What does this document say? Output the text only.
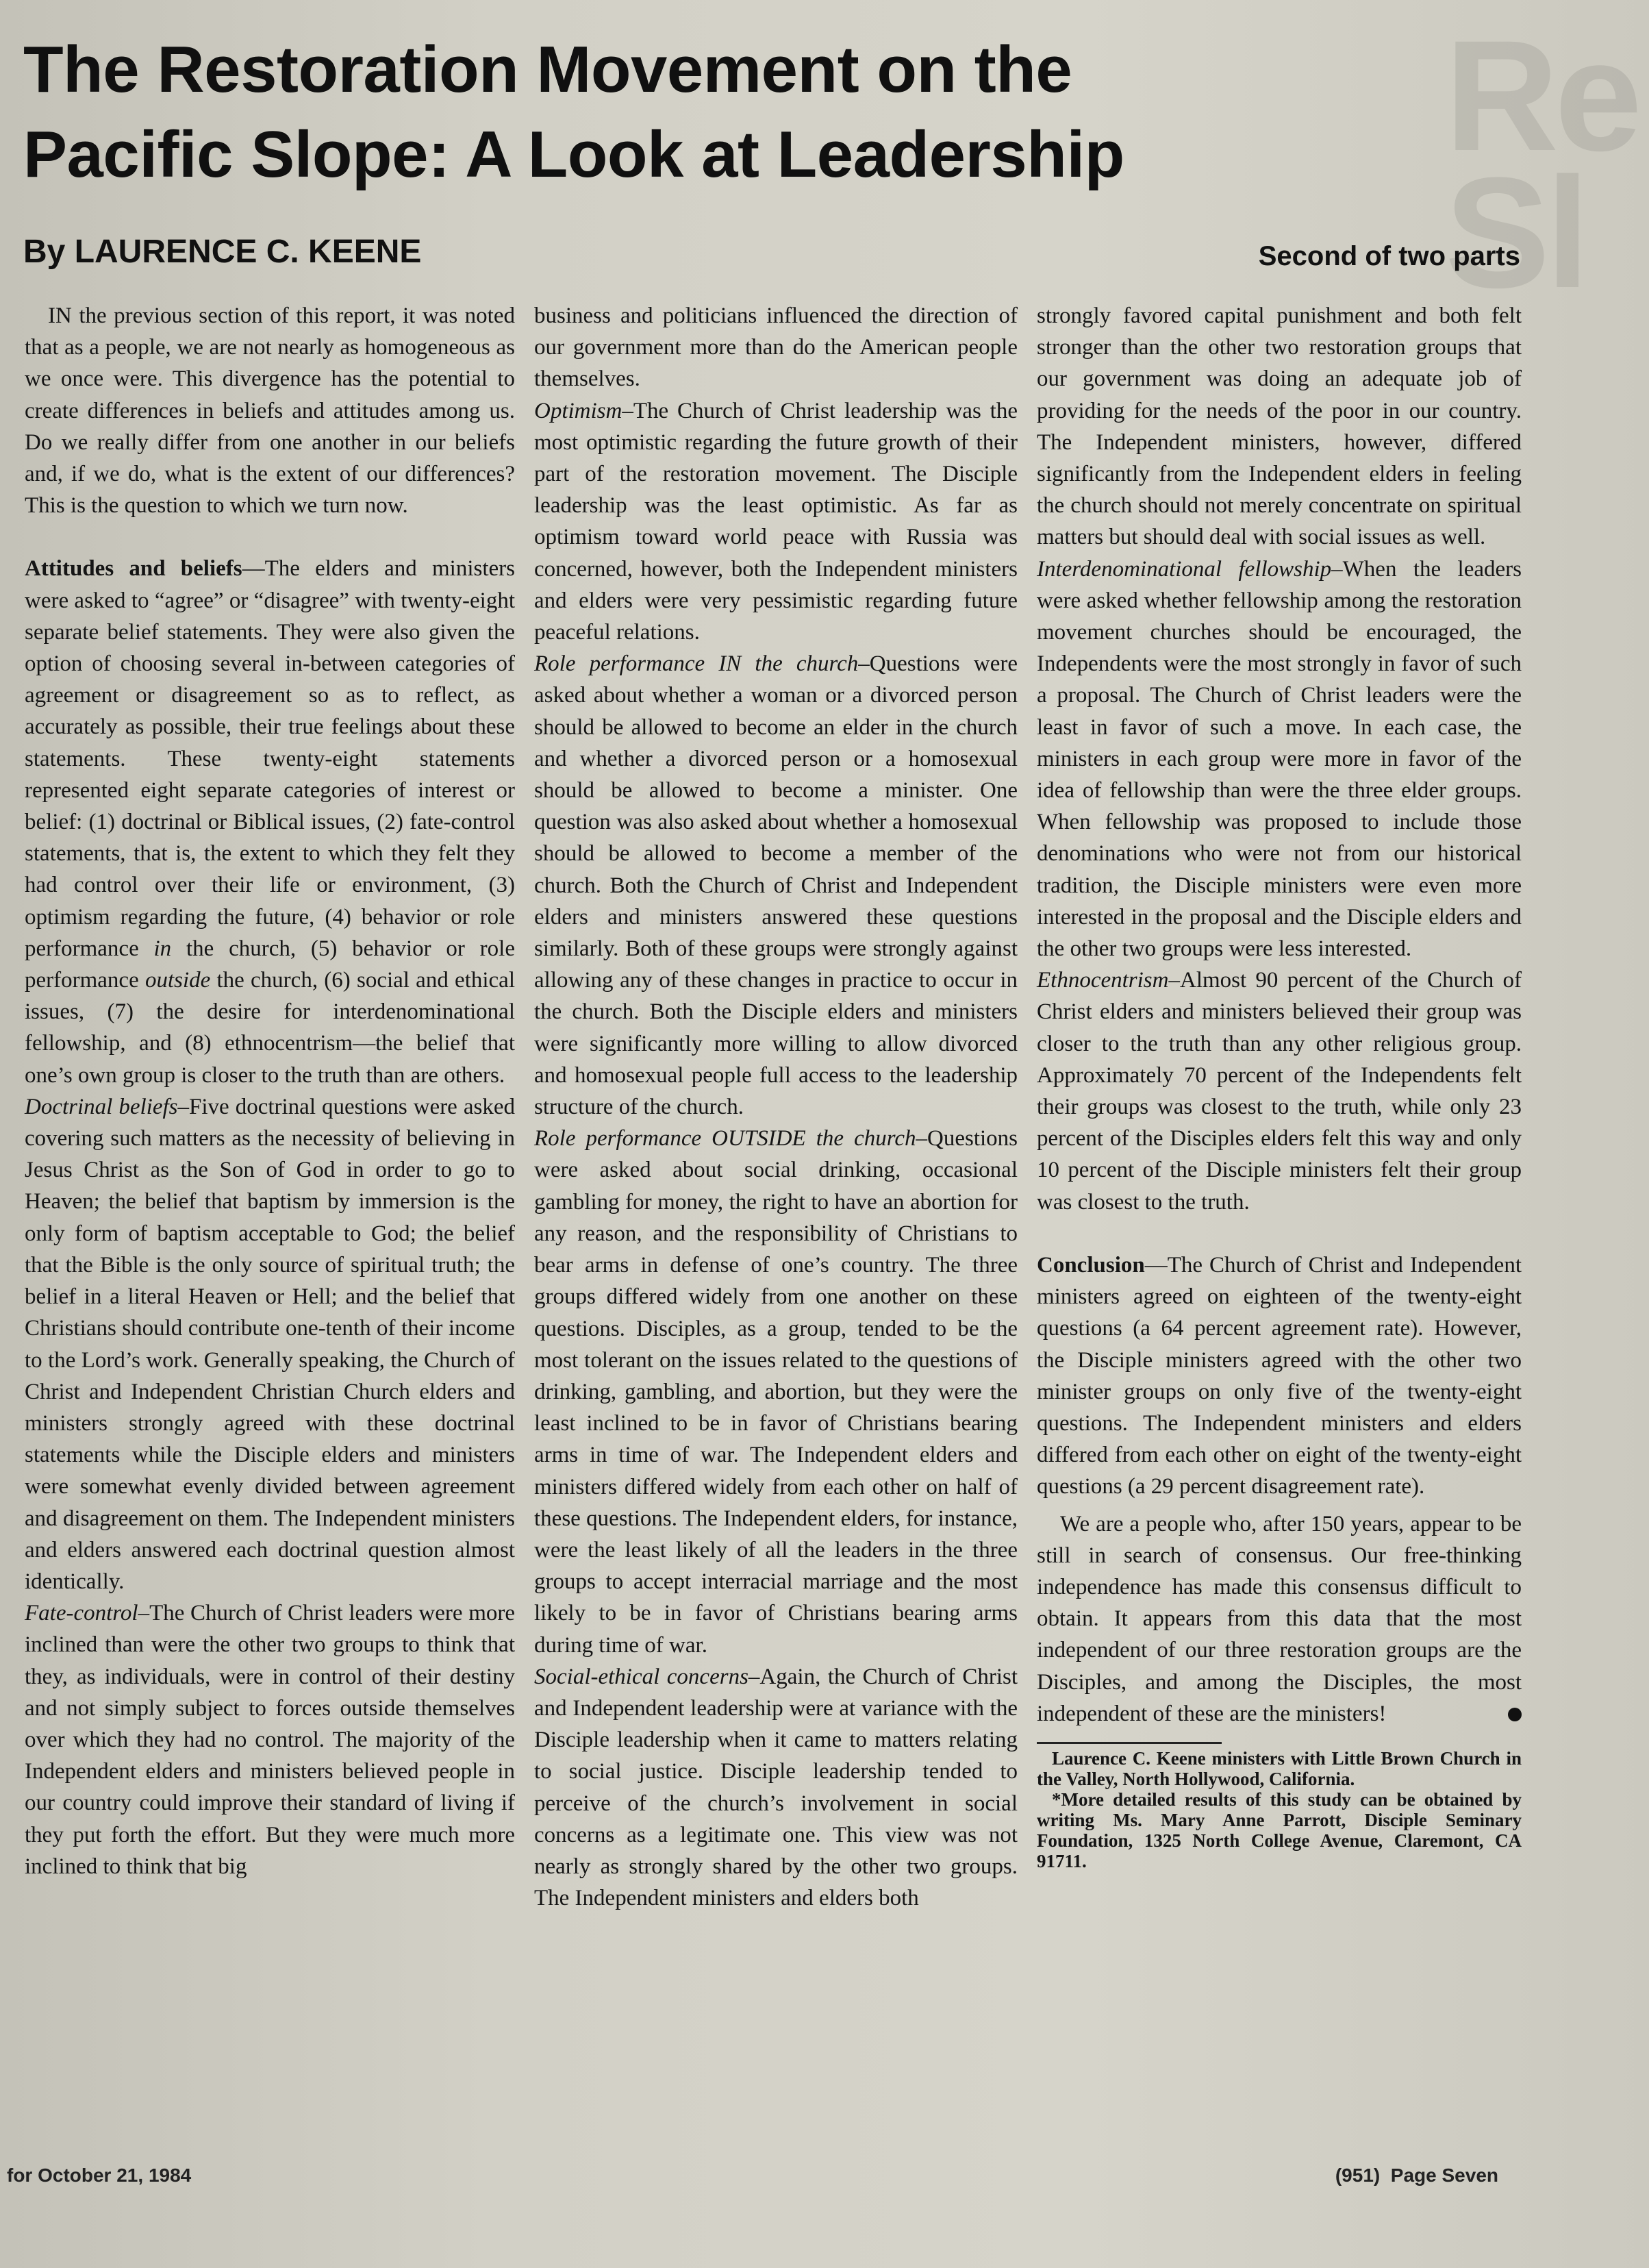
Re
Sl
The Restoration Movement on the
Pacific Slope: A Look at Leadership
By LAURENCE C. KEENE	Second of two parts

IN the previous section of this report, it was noted that as a people, we are not nearly as homogeneous as we once were. This divergence has the potential to create differences in beliefs and attitudes among us. Do we really differ from one another in our beliefs and, if we do, what is the extent of our differences? This is the question to which we turn now.

Attitudes and beliefs—The elders and ministers were asked to “agree” or “disagree” with twenty-eight separate belief statements. They were also given the option of choosing several in-between categories of agreement or disagreement so as to reflect, as accurately as possible, their true feelings about these statements. These twenty-eight statements represented eight separate categories of interest or belief: (1) doctrinal or Biblical issues, (2) fate-control statements, that is, the extent to which they felt they had control over their life or environment, (3) optimism regarding the future, (4) behavior or role performance in the church, (5) behavior or role performance outside the church, (6) social and ethical issues, (7) the desire for interdenominational fellowship, and (8) ethnocentrism—the belief that one’s own group is closer to the truth than are others.

Doctrinal beliefs–Five doctrinal questions were asked covering such matters as the necessity of believing in Jesus Christ as the Son of God in order to go to Heaven; the belief that baptism by immersion is the only form of baptism acceptable to God; the belief that the Bible is the only source of spiritual truth; the belief in a literal Heaven or Hell; and the belief that Christians should contribute one-tenth of their income to the Lord’s work. Generally speaking, the Church of Christ and Independent Christian Church elders and ministers strongly agreed with these doctrinal statements while the Disciple elders and ministers were somewhat evenly divided between agreement and disagreement on them. The Independent ministers and elders answered each doctrinal question almost identically.

Fate-control–The Church of Christ leaders were more inclined than were the other two groups to think that they, as individuals, were in control of their destiny and not simply subject to forces outside themselves over which they had no control. The majority of the Independent elders and ministers believed people in our country could improve their standard of living if they put forth the effort. But they were much more inclined to think that big

business and politicians influenced the direction of our government more than do the American people themselves.

Optimism–The Church of Christ leadership was the most optimistic regarding the future growth of their part of the restoration movement. The Disciple leadership was the least optimistic. As far as optimism toward world peace with Russia was concerned, however, both the Independent ministers and elders were very pessimistic regarding future peaceful relations.

Role performance IN the church–Questions were asked about whether a woman or a divorced person should be allowed to become an elder in the church and whether a divorced person or a homosexual should be allowed to become a minister. One question was also asked about whether a homosexual should be allowed to become a member of the church. Both the Church of Christ and Independent elders and ministers answered these questions similarly. Both of these groups were strongly against allowing any of these changes in practice to occur in the church. Both the Disciple elders and ministers were significantly more willing to allow divorced and homosexual people full access to the leadership structure of the church.

Role performance OUTSIDE the church–Questions were asked about social drinking, occasional gambling for money, the right to have an abortion for any reason, and the responsibility of Christians to bear arms in defense of one’s country. The three groups differed widely from one another on these questions. Disciples, as a group, tended to be the most tolerant on the issues related to the questions of drinking, gambling, and abortion, but they were the least inclined to be in favor of Christians bearing arms in time of war. The Independent elders and ministers differed widely from each other on half of these questions. The Independent elders, for instance, were the least likely of all the leaders in the three groups to accept interracial marriage and the most likely to be in favor of Christians bearing arms during time of war.

Social-ethical concerns–Again, the Church of Christ and Independent leadership were at variance with the Disciple leadership when it came to matters relating to social justice. Disciple leadership tended to perceive of the church’s involvement in social concerns as a legitimate one. This view was not nearly as strongly shared by the other two groups. The Independent ministers and elders both

strongly favored capital punishment and both felt stronger than the other two restoration groups that our government was doing an adequate job of providing for the needs of the poor in our country. The Independent ministers, however, differed significantly from the Independent elders in feeling the church should not merely concentrate on spiritual matters but should deal with social issues as well.

Interdenominational fellowship–When the leaders were asked whether fellowship among the restoration movement churches should be encouraged, the Independents were the most strongly in favor of such a proposal. The Church of Christ leaders were the least in favor of such a move. In each case, the ministers in each group were more in favor of the idea of fellowship than were the three elder groups. When fellowship was proposed to include those denominations who were not from our historical tradition, the Disciple ministers were even more interested in the proposal and the Disciple elders and the other two groups were less interested.

Ethnocentrism–Almost 90 percent of the Church of Christ elders and ministers believed their group was closer to the truth than any other religious group. Approximately 70 percent of the Independents felt their groups was closest to the truth, while only 23 percent of the Disciples elders felt this way and only 10 percent of the Disciple ministers felt their group was closest to the truth.

Conclusion—The Church of Christ and Independent ministers agreed on eighteen of the twenty-eight questions (a 64 percent agreement rate). However, the Disciple ministers agreed with the other two minister groups on only five of the twenty-eight questions. The Independent ministers and elders differed from each other on eight of the twenty-eight questions (a 29 percent disagreement rate).

We are a people who, after 150 years, appear to be still in search of consensus. Our free-thinking independence has made this consensus difficult to obtain. It appears from this data that the most independent of our three restoration groups are the Disciples, and among the Disciples, the most independent of these are the ministers!

Laurence C. Keene ministers with Little Brown Church in the Valley, North Hollywood, California.

*More detailed results of this study can be obtained by writing Ms. Mary Anne Parrott, Disciple Seminary Foundation, 1325 North College Avenue, Claremont, CA 91711.

for October 21, 1984	(951) Page Seven
